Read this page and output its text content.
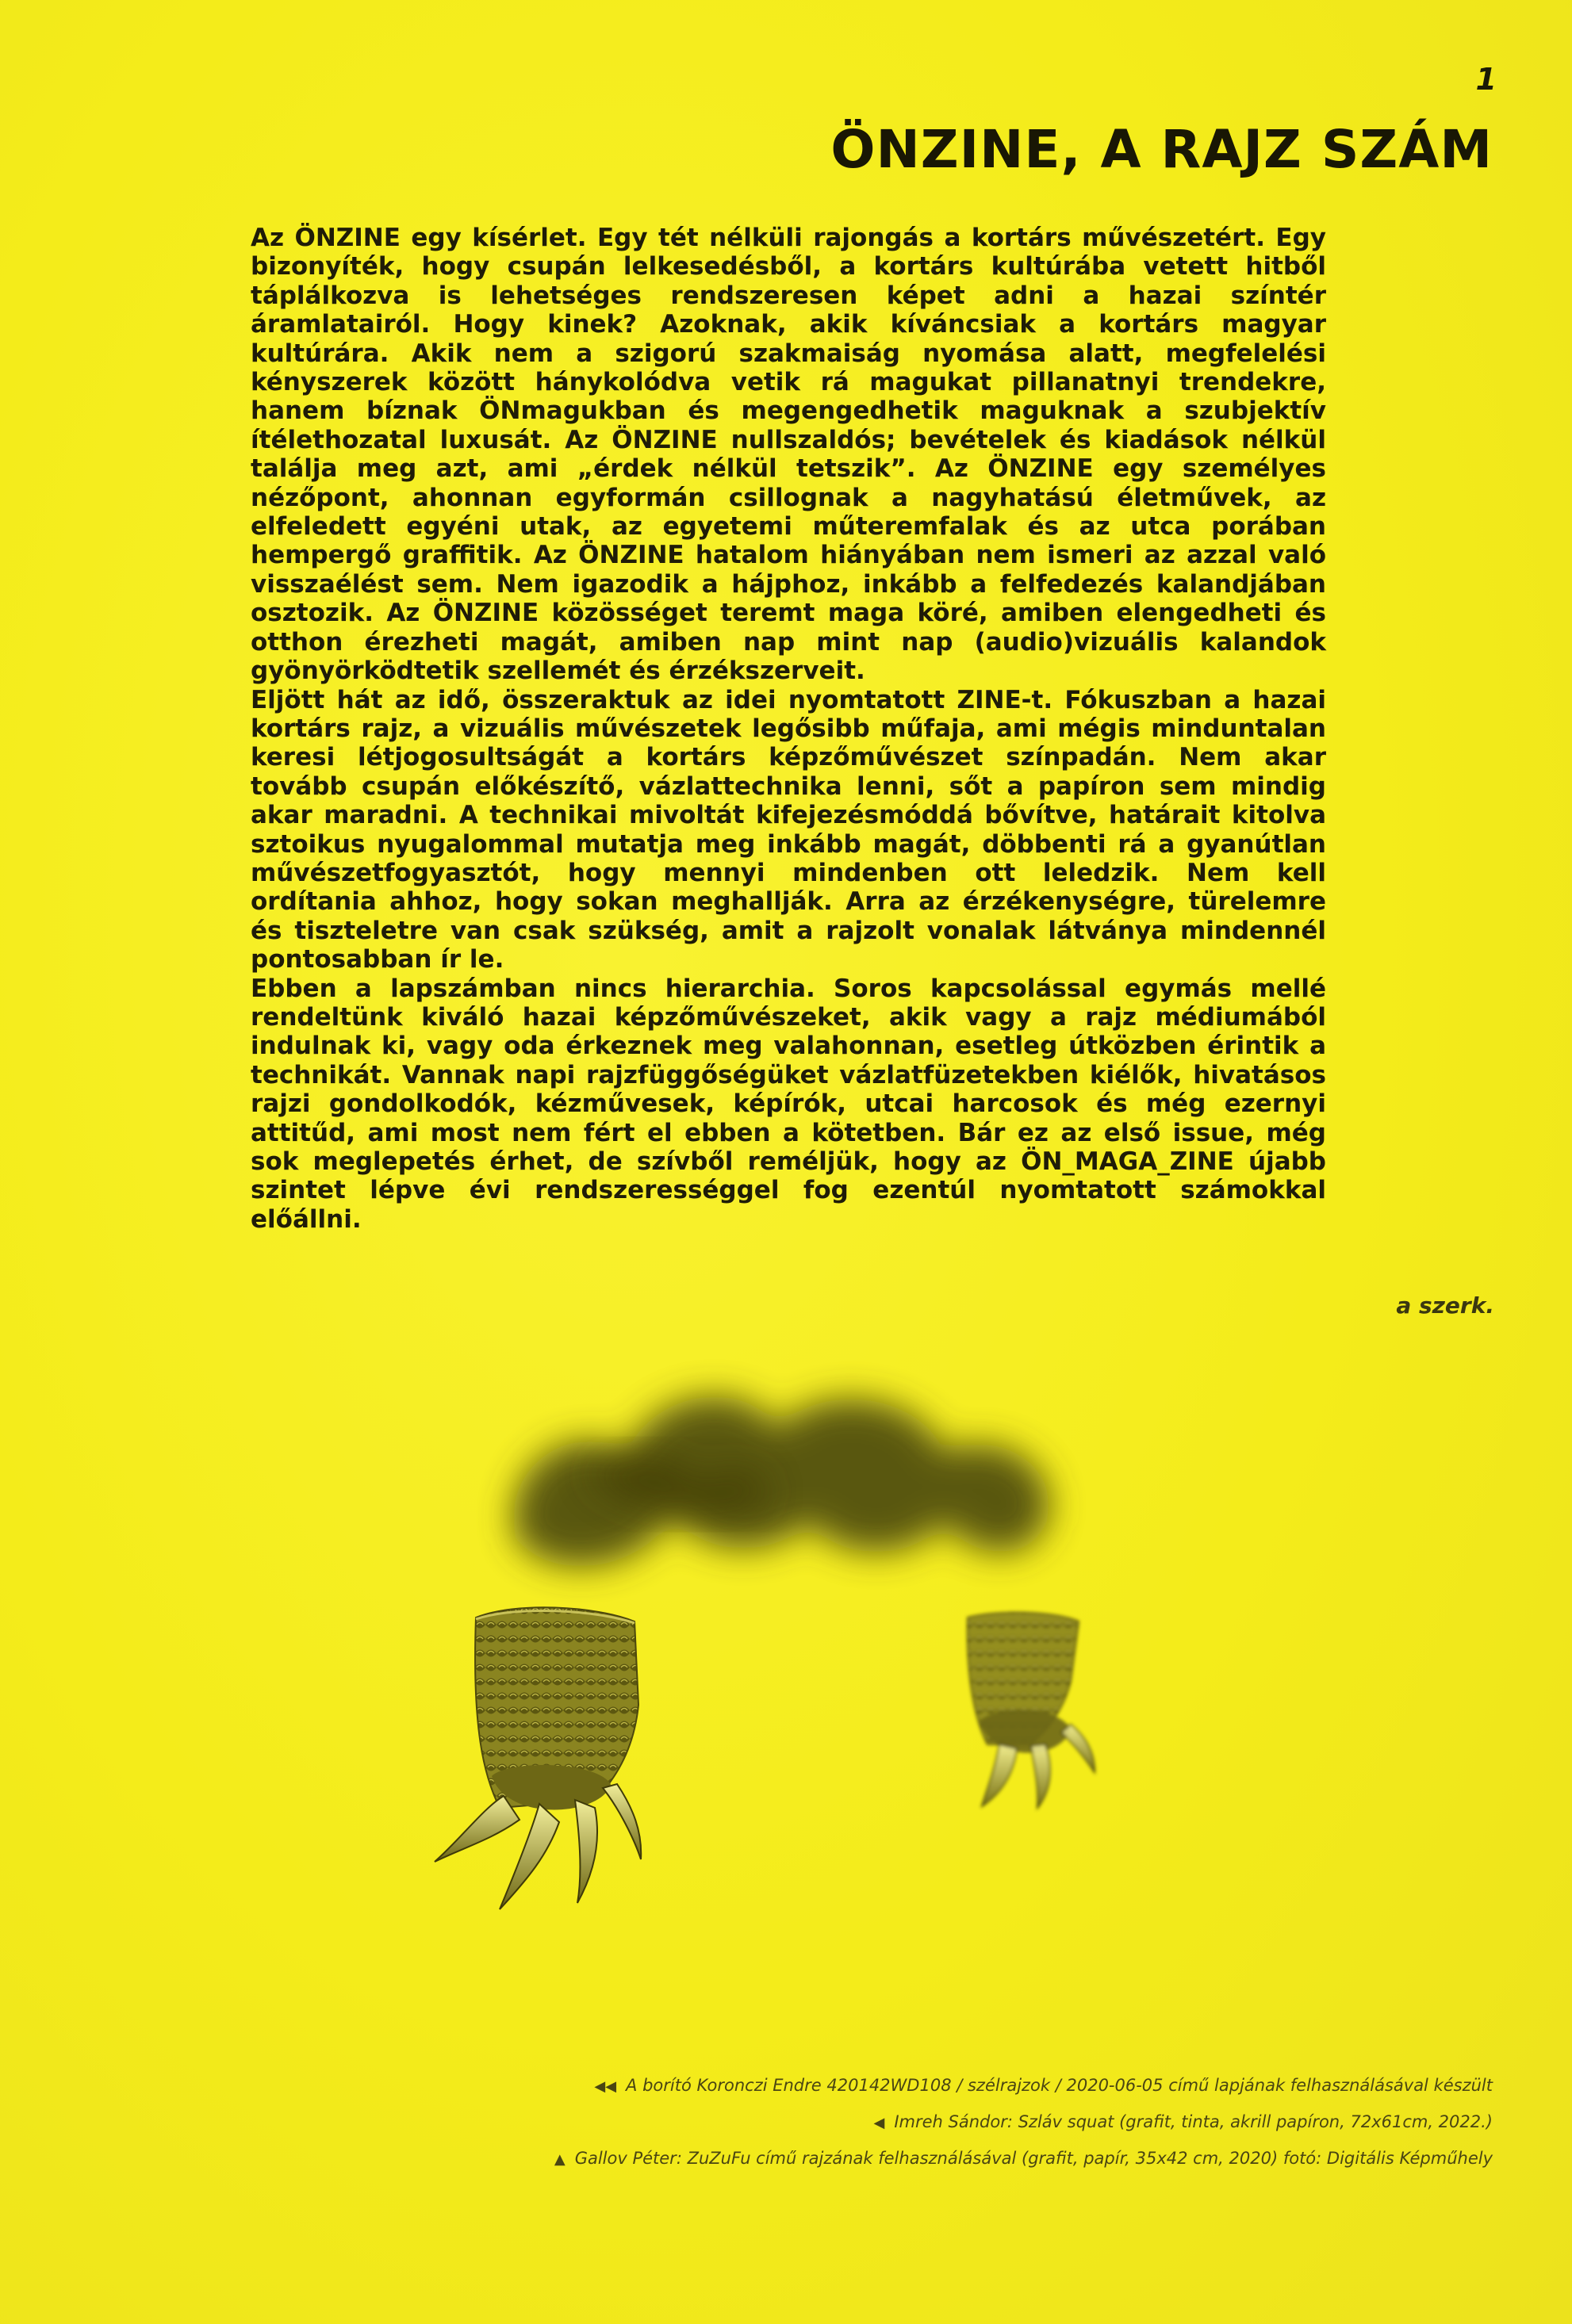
1
ÖNZINE, A RAJZ SZÁM

Az ÖNZINE egy kísérlet. Egy tét nélküli rajongás a kortárs művészetért. Egy bizonyíték, hogy csupán lelkesedésből, a kortárs kultúrába vetett hitből táplálkozva is lehetséges rendszeresen képet adni a hazai színtér áramlatairól. Hogy kinek? Azoknak, akik kíváncsiak a kortárs magyar kultúrára. Akik nem a szigorú szakmaiság nyomása alatt, megfelelési kényszerek között hánykolódva vetik rá magukat pillanatnyi trendekre, hanem bíznak ÖNmagukban és megengedhetik maguknak a szubjektív ítélethozatal luxusát. Az ÖNZINE nullszaldós; bevételek és kiadások nélkül találja meg azt, ami „érdek nélkül tetszik”. Az ÖNZINE egy személyes nézőpont, ahonnan egyformán csillognak a nagyhatású életművek, az elfeledett egyéni utak, az egyetemi műteremfalak és az utca porában hempergő graffitik. Az ÖNZINE hatalom hiányában nem ismeri az azzal való visszaélést sem. Nem igazodik a hájphoz, inkább a felfedezés kalandjában osztozik. Az ÖNZINE közösséget teremt maga köré, amiben elengedheti és otthon érezheti magát, amiben nap mint nap (audio)vizuális kalandok gyönyörködtetik szellemét és érzékszerveit.

Eljött hát az idő, összeraktuk az idei nyomtatott ZINE-t. Fókuszban a hazai kortárs rajz, a vizuális művészetek legősibb műfaja, ami mégis minduntalan keresi létjogosultságát a kortárs képzőművészet színpadán. Nem akar tovább csupán előkészítő, vázlattechnika lenni, sőt a papíron sem mindig akar maradni. A technikai mivoltát kifejezésmóddá bővítve, határait kitolva sztoikus nyugalommal mutatja meg inkább magát, döbbenti rá a gyanútlan művészetfogyasztót, hogy mennyi mindenben ott leledzik. Nem kell ordítania ahhoz, hogy sokan meghallják. Arra az érzékenységre, türelemre és tiszteletre van csak szükség, amit a rajzolt vonalak látványa mindennél pontosabban ír le.

Ebben a lapszámban nincs hierarchia. Soros kapcsolással egymás mellé rendeltünk kiváló hazai képzőművészeket, akik vagy a rajz médiumából indulnak ki, vagy oda érkeznek meg valahonnan, esetleg útközben érintik a technikát. Vannak napi rajzfüggőségüket vázlatfüzetekben kiélők, hivatásos rajzi gondolkodók, kézművesek, képírók, utcai harcosok és még ezernyi attitűd, ami most nem fért el ebben a kötetben. Bár ez az első issue, még sok meglepetés érhet, de szívből reméljük, hogy az ÖN_MAGA_ZINE újabb szintet lépve évi rendszerességgel fog ezentúl nyomtatott számokkal előállni.

a szerk.
◀◀ A borító Koronczi Endre 420142WD108 / szélrajzok / 2020-06-05 című lapjának felhasználásával készült
◀ Imreh Sándor: Szláv squat (grafit, tinta, akrill papíron, 72x61cm, 2022.)
▲ Gallov Péter: ZuZuFu című rajzának felhasználásával (grafit, papír, 35x42 cm, 2020) fotó: Digitális Képműhely
